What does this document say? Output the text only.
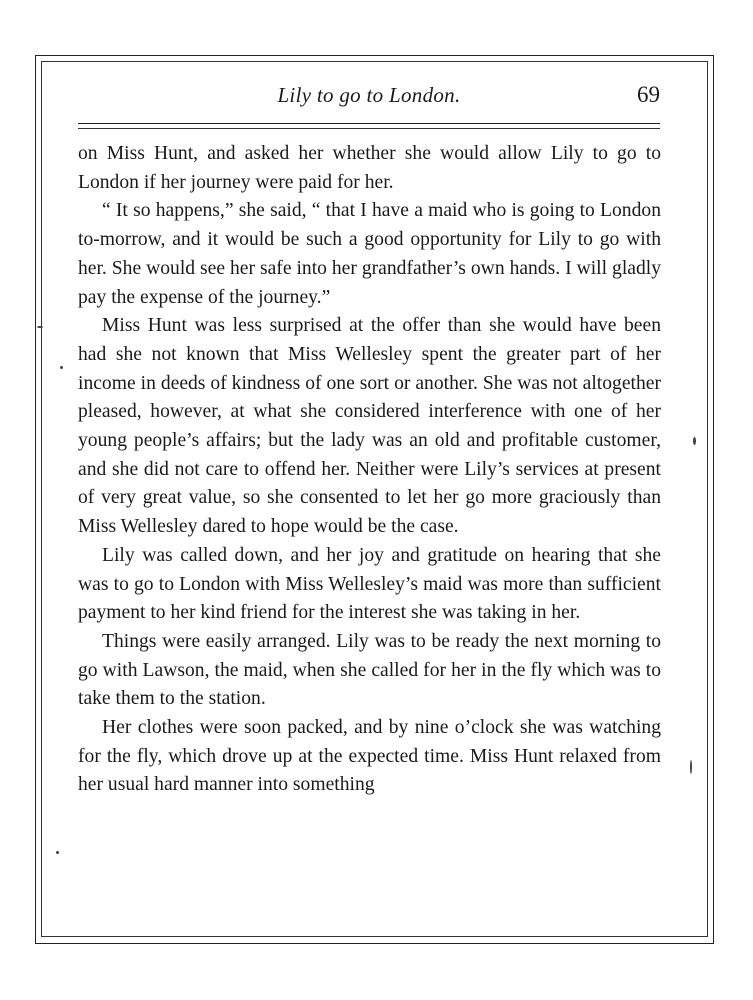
Lily to go to London.	69

on Miss Hunt, and asked her whether she would allow Lily to go to London if her journey were paid for her.

“ It so happens,” she said, “ that I have a maid who is going to London to-morrow, and it would be such a good opportunity for Lily to go with her. She would see her safe into her grandfather’s own hands. I will gladly pay the expense of the journey.”

Miss Hunt was less surprised at the offer than she would have been had she not known that Miss Wellesley spent the greater part of her income in deeds of kindness of one sort or another. She was not altogether pleased, however, at what she considered interference with one of her young people’s affairs; but the lady was an old and profitable customer, and she did not care to offend her. Neither were Lily’s services at present of very great value, so she consented to let her go more graciously than Miss Wellesley dared to hope would be the case.

Lily was called down, and her joy and gratitude on hearing that she was to go to London with Miss Wellesley’s maid was more than sufficient payment to her kind friend for the interest she was taking in her.

Things were easily arranged. Lily was to be ready the next morning to go with Lawson, the maid, when she called for her in the fly which was to take them to the station.

Her clothes were soon packed, and by nine o’clock she was watching for the fly, which drove up at the expected time. Miss Hunt relaxed from her usual hard manner into something
